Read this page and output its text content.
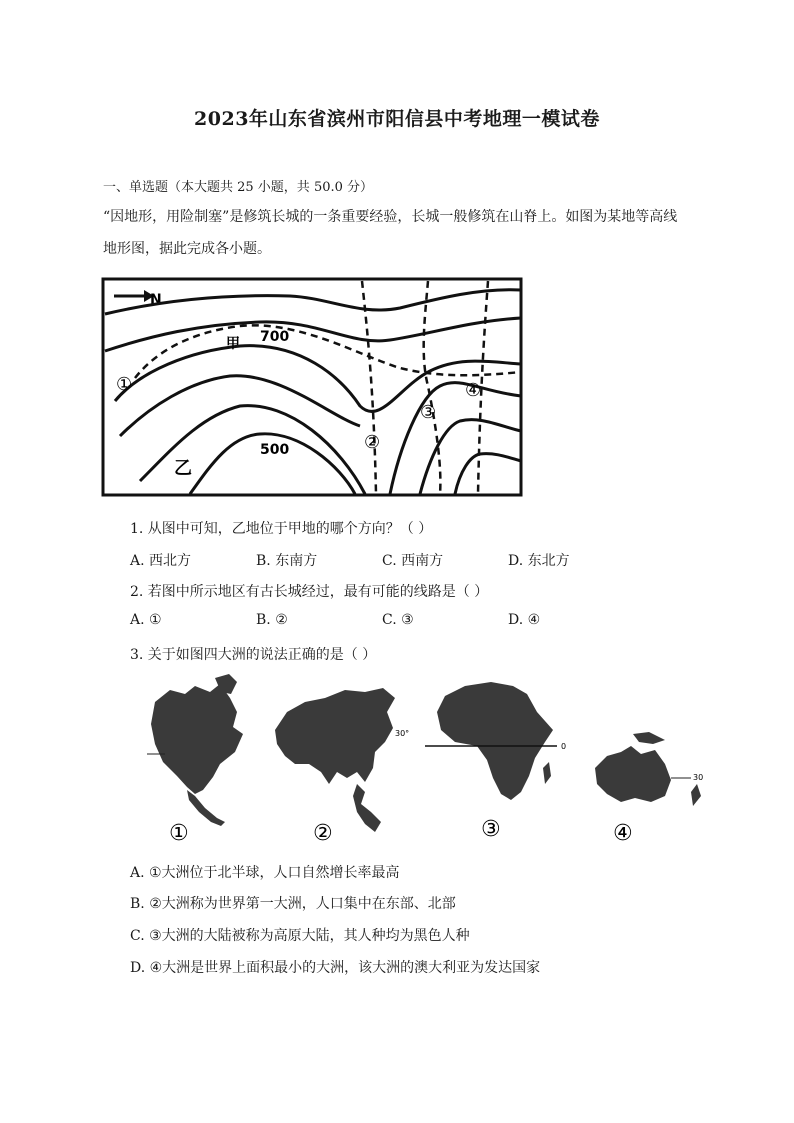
2023年山东省滨州市阳信县中考地理一模试卷
一、单选题（本大题共 25 小题，共 50.0 分）
“因地形，用险制塞”是修筑长城的一条重要经验，长城一般修筑在山脊上。如图为某地等高线
地形图，据此完成各小题。
N
700
500
甲
乙
①
②
③
④
1. 从图中可知，乙地位于甲地的哪个方向？（ ）
A. 西北方	B. 东南方	C. 西南方	D. 东北方
2. 若图中所示地区有古长城经过，最有可能的线路是（ ）
A. ①	B. ②	C. ③	D. ④
3. 关于如图四大洲的说法正确的是（ ）
30°
0
30
①	②	③	④
A. ①大洲位于北半球，人口自然增长率最高
B. ②大洲称为世界第一大洲，人口集中在东部、北部
C. ③大洲的大陆被称为高原大陆，其人种均为黑色人种
D. ④大洲是世界上面积最小的大洲，该大洲的澳大利亚为发达国家
